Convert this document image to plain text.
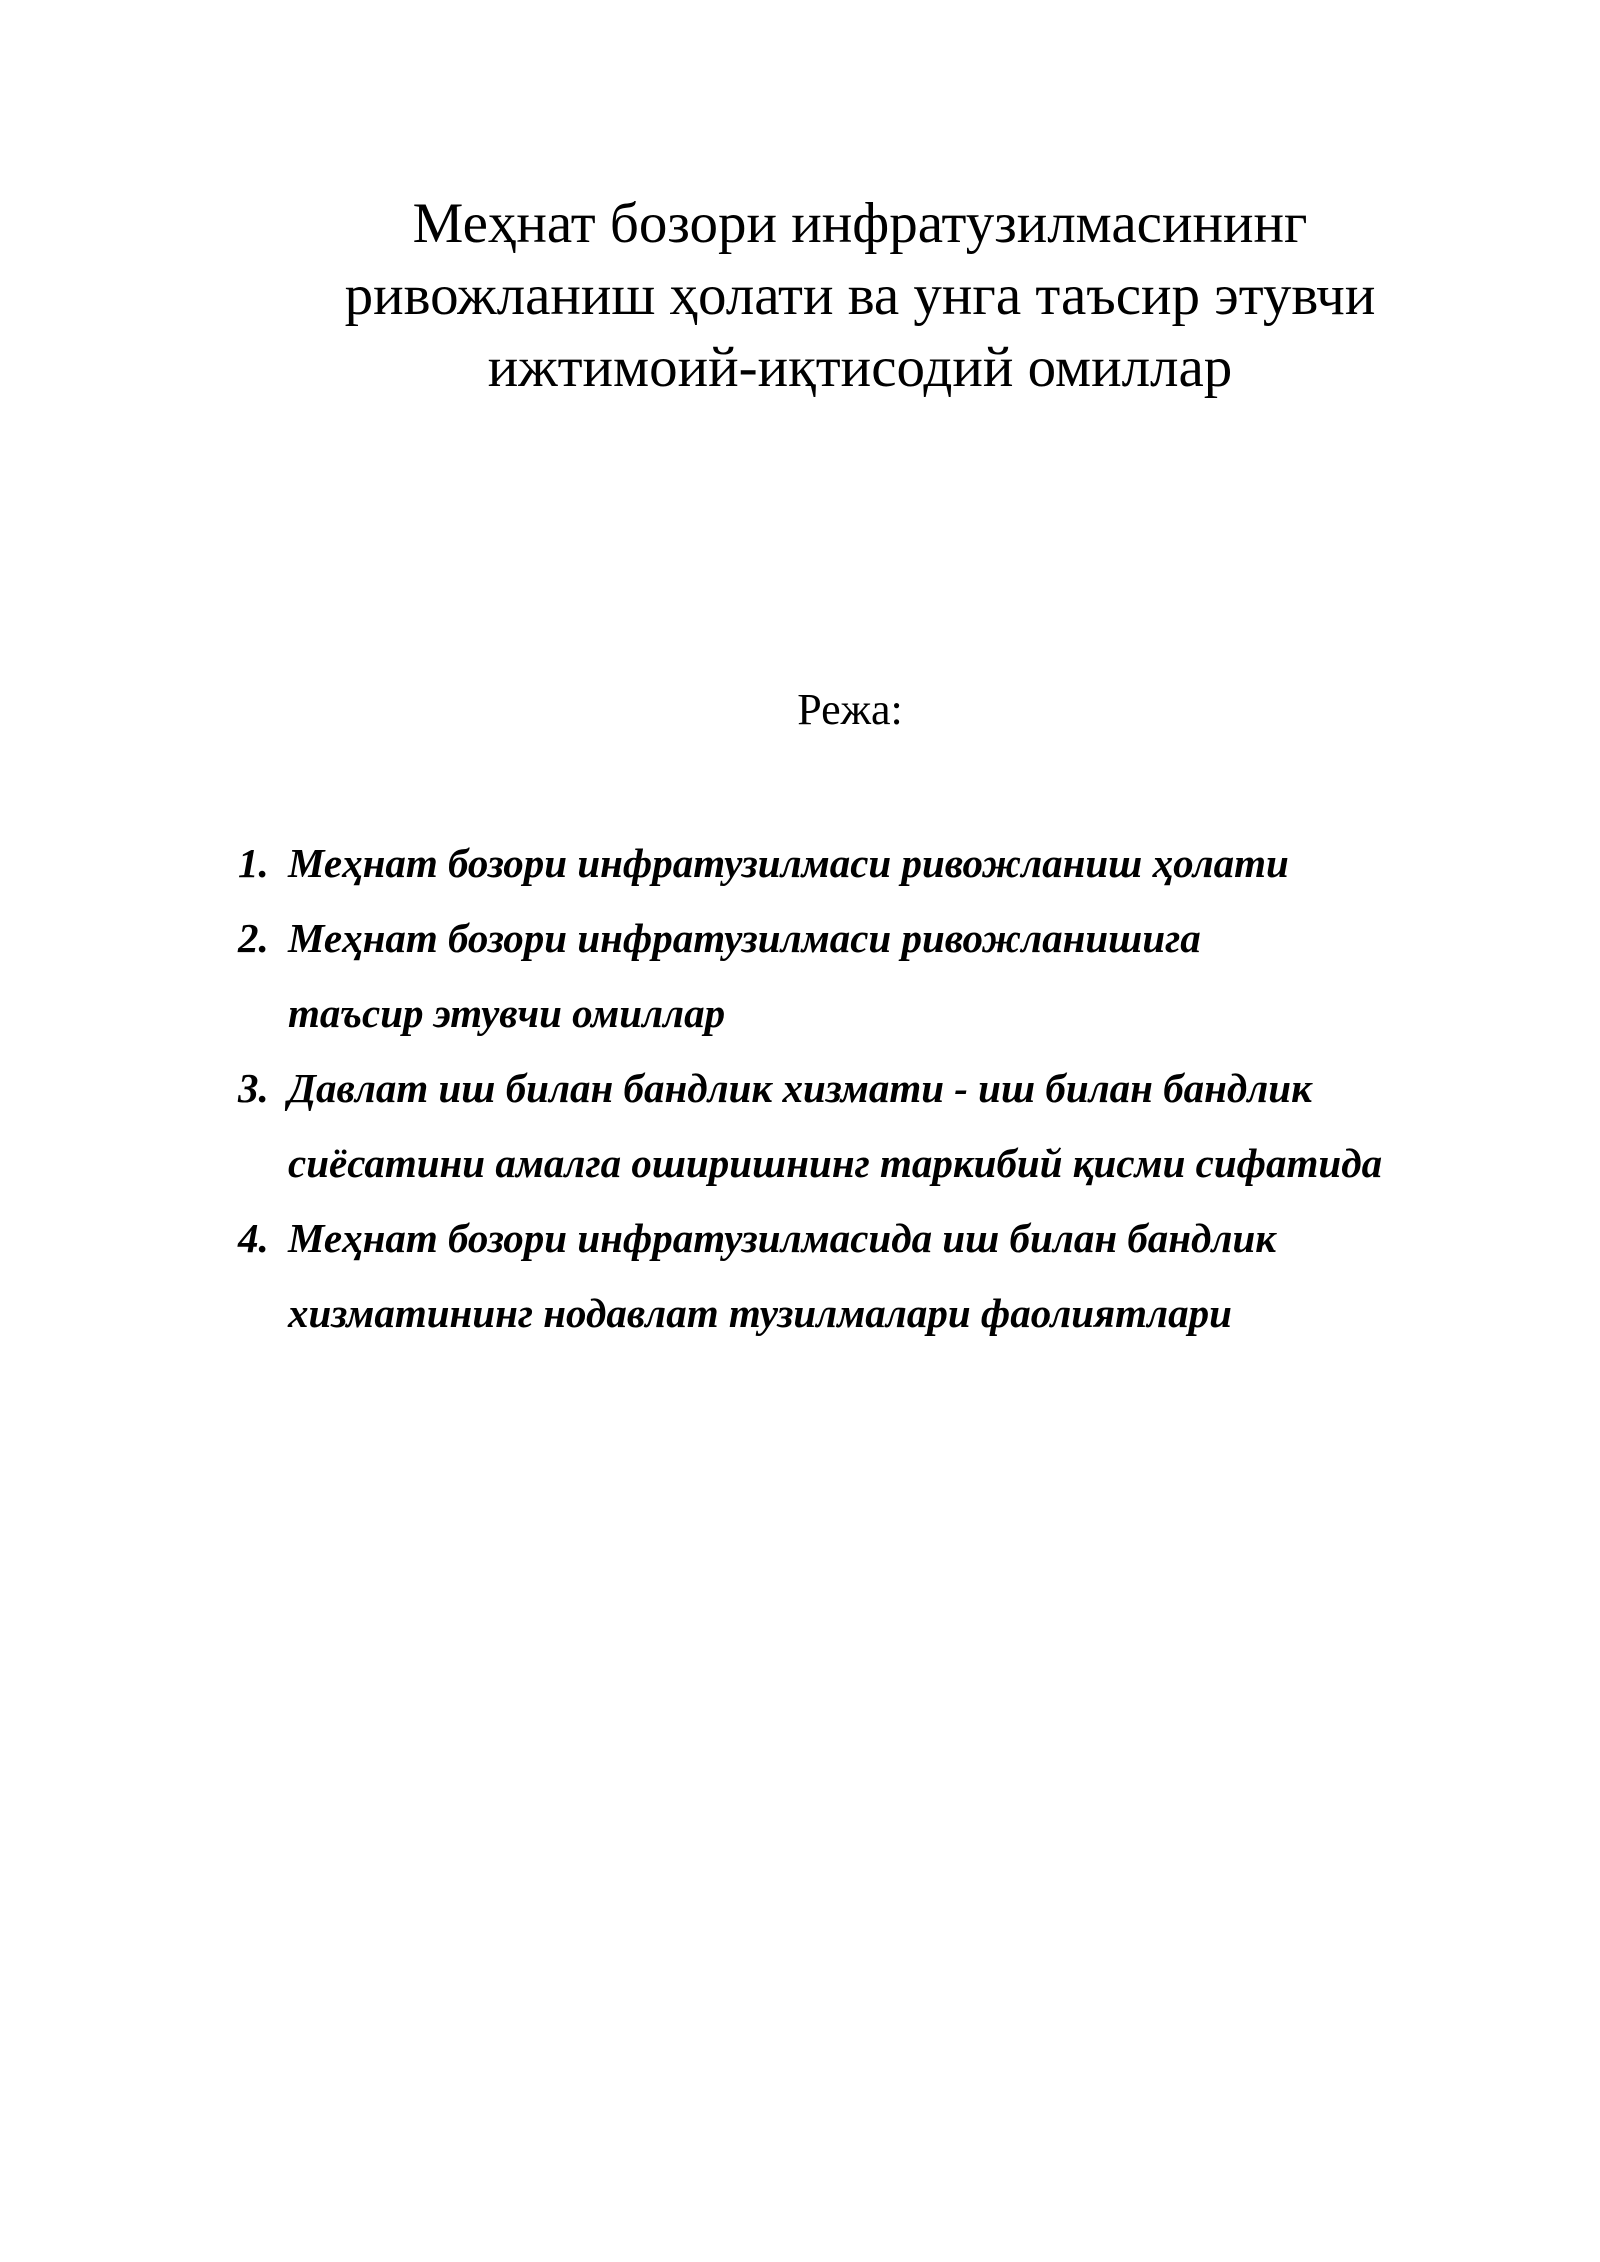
Меҳнат бозори инфратузилмасининг
ривожланиш ҳолати ва унга таъсир этувчи
ижтимоий-иқтисодий омиллар
Режа:
1. Меҳнат бозори инфратузилмаси ривожланиш ҳолати
2. Меҳнат бозори инфратузилмаси ривожланишига таъсир этувчи омиллар
3. Давлат иш билан бандлик хизмати - иш билан бандлик сиёсатини амалга оширишнинг таркибий қисми сифатида
4. Меҳнат бозори инфратузилмасида иш билан бандлик хизматининг нодавлат тузилмалари фаолиятлари
